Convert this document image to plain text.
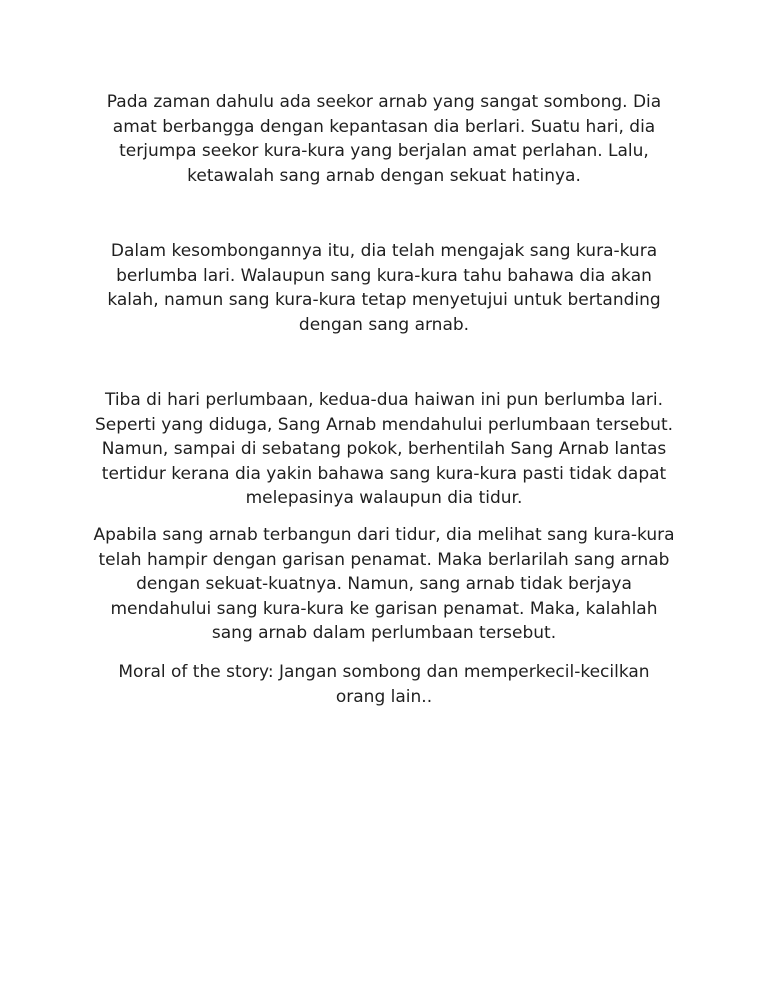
Pada zaman dahulu ada seekor arnab yang sangat sombong. Dia
amat berbangga dengan kepantasan dia berlari. Suatu hari, dia
terjumpa seekor kura-kura yang berjalan amat perlahan. Lalu,
ketawalah sang arnab dengan sekuat hatinya.

Dalam kesombongannya itu, dia telah mengajak sang kura-kura
berlumba lari. Walaupun sang kura-kura tahu bahawa dia akan
kalah, namun sang kura-kura tetap menyetujui untuk bertanding
dengan sang arnab.

Tiba di hari perlumbaan, kedua-dua haiwan ini pun berlumba lari.
Seperti yang diduga, Sang Arnab mendahului perlumbaan tersebut.
Namun, sampai di sebatang pokok, berhentilah Sang Arnab lantas
tertidur kerana dia yakin bahawa sang kura-kura pasti tidak dapat
melepasinya walaupun dia tidur.

Apabila sang arnab terbangun dari tidur, dia melihat sang kura-kura
telah hampir dengan garisan penamat. Maka berlarilah sang arnab
dengan sekuat-kuatnya. Namun, sang arnab tidak berjaya
mendahului sang kura-kura ke garisan penamat. Maka, kalahlah
sang arnab dalam perlumbaan tersebut.

Moral of the story: Jangan sombong dan memperkecil-kecilkan
orang lain..
